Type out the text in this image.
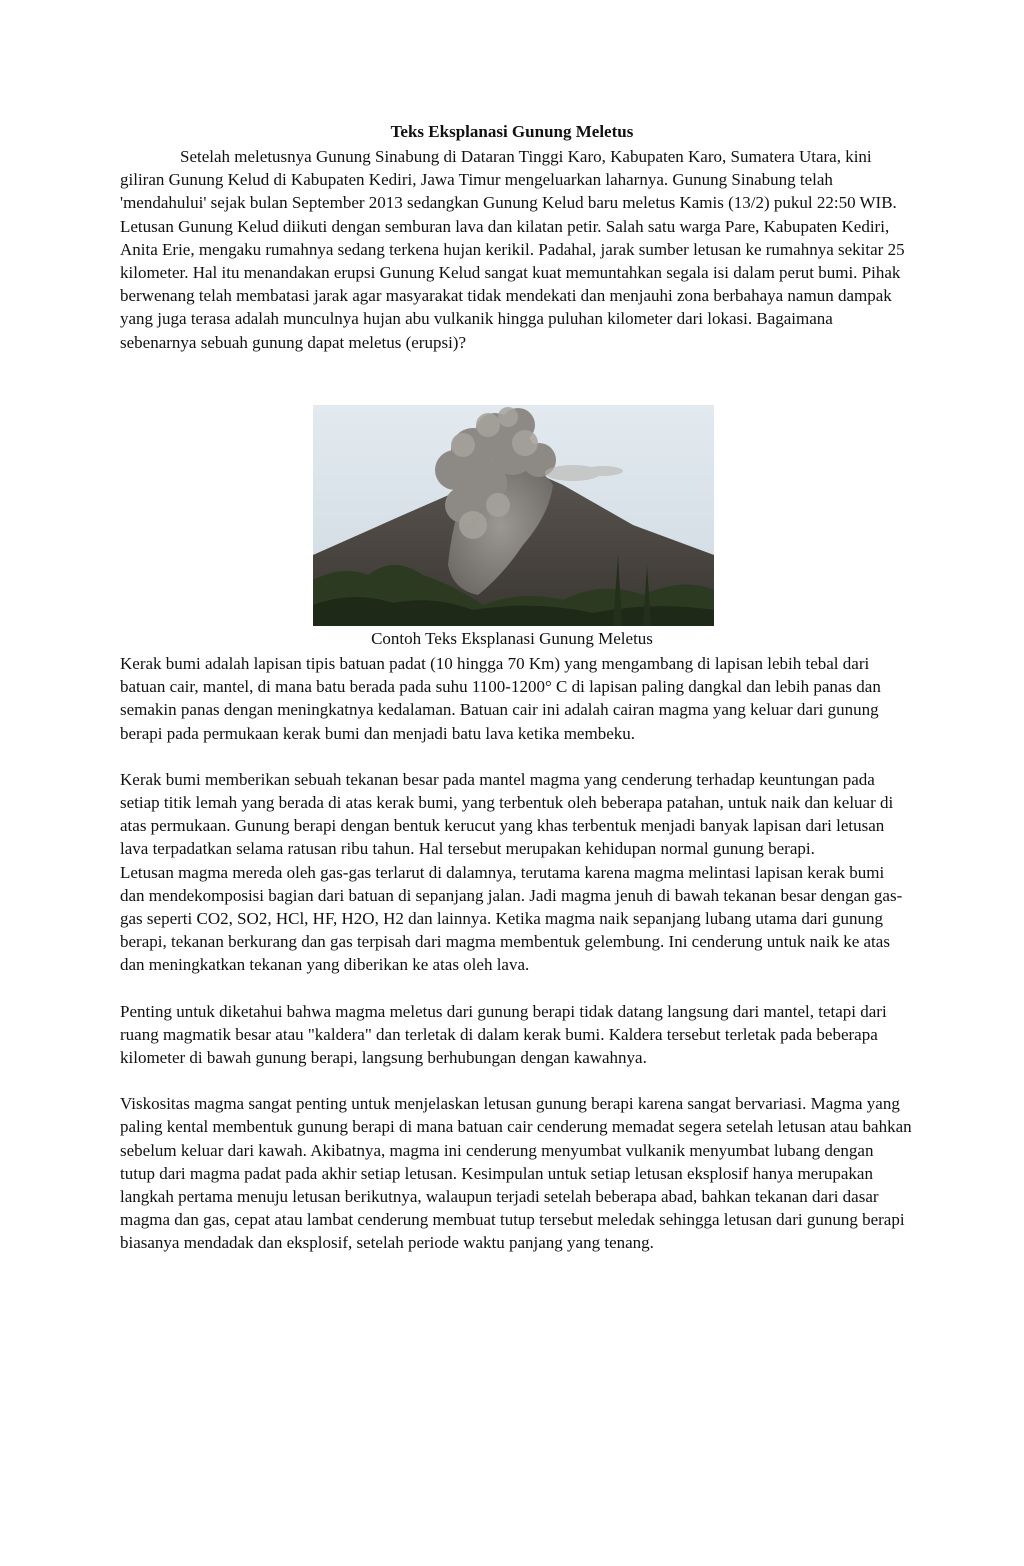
Teks Eksplanasi Gunung Meletus

Setelah meletusnya Gunung Sinabung di Dataran Tinggi Karo, Kabupaten Karo, Sumatera Utara, kini giliran Gunung Kelud di Kabupaten Kediri, Jawa Timur mengeluarkan laharnya. Gunung Sinabung telah 'mendahului' sejak bulan September 2013 sedangkan Gunung Kelud baru meletus Kamis (13/2) pukul 22:50 WIB. Letusan Gunung Kelud diikuti dengan semburan lava dan kilatan petir. Salah satu warga Pare, Kabupaten Kediri, Anita Erie, mengaku rumahnya sedang terkena hujan kerikil. Padahal, jarak sumber letusan ke rumahnya sekitar 25 kilometer. Hal itu menandakan erupsi Gunung Kelud sangat kuat memuntahkan segala isi dalam perut bumi. Pihak berwenang telah membatasi jarak agar masyarakat tidak mendekati dan menjauhi zona berbahaya namun dampak yang juga terasa adalah munculnya hujan abu vulkanik hingga puluhan kilometer dari lokasi. Bagaimana sebenarnya sebuah gunung dapat meletus (erupsi)?

Contoh Teks Eksplanasi Gunung Meletus

Kerak bumi adalah lapisan tipis batuan padat (10 hingga 70 Km) yang mengambang di lapisan lebih tebal dari batuan cair, mantel, di mana batu berada pada suhu 1100-1200° C di lapisan paling dangkal dan lebih panas dan semakin panas dengan meningkatnya kedalaman. Batuan cair ini adalah cairan magma yang keluar dari gunung berapi pada permukaan kerak bumi dan menjadi batu lava ketika membeku.

Kerak bumi memberikan sebuah tekanan besar pada mantel magma yang cenderung terhadap keuntungan pada setiap titik lemah yang berada di atas kerak bumi, yang terbentuk oleh beberapa patahan, untuk naik dan keluar di atas permukaan. Gunung berapi dengan bentuk kerucut yang khas terbentuk menjadi banyak lapisan dari letusan lava terpadatkan selama ratusan ribu tahun. Hal tersebut merupakan kehidupan normal gunung berapi.

Letusan magma mereda oleh gas-gas terlarut di dalamnya, terutama karena magma melintasi lapisan kerak bumi dan mendekomposisi bagian dari batuan di sepanjang jalan. Jadi magma jenuh di bawah tekanan besar dengan gas-gas seperti CO2, SO2, HCl, HF, H2O, H2 dan lainnya. Ketika magma naik sepanjang lubang utama dari gunung berapi, tekanan berkurang dan gas terpisah dari magma membentuk gelembung. Ini cenderung untuk naik ke atas dan meningkatkan tekanan yang diberikan ke atas oleh lava.

Penting untuk diketahui bahwa magma meletus dari gunung berapi tidak datang langsung dari mantel, tetapi dari ruang magmatik besar atau "kaldera" dan terletak di dalam kerak bumi. Kaldera tersebut terletak pada beberapa kilometer di bawah gunung berapi, langsung berhubungan dengan kawahnya.

Viskositas magma sangat penting untuk menjelaskan letusan gunung berapi karena sangat bervariasi. Magma yang paling kental membentuk gunung berapi di mana batuan cair cenderung memadat segera setelah letusan atau bahkan sebelum keluar dari kawah. Akibatnya, magma ini cenderung menyumbat vulkanik menyumbat lubang dengan tutup dari magma padat pada akhir setiap letusan. Kesimpulan untuk setiap letusan eksplosif hanya merupakan langkah pertama menuju letusan berikutnya, walaupun terjadi setelah beberapa abad, bahkan tekanan dari dasar magma dan gas, cepat atau lambat cenderung membuat tutup tersebut meledak sehingga letusan dari gunung berapi biasanya mendadak dan eksplosif, setelah periode waktu panjang yang tenang.
